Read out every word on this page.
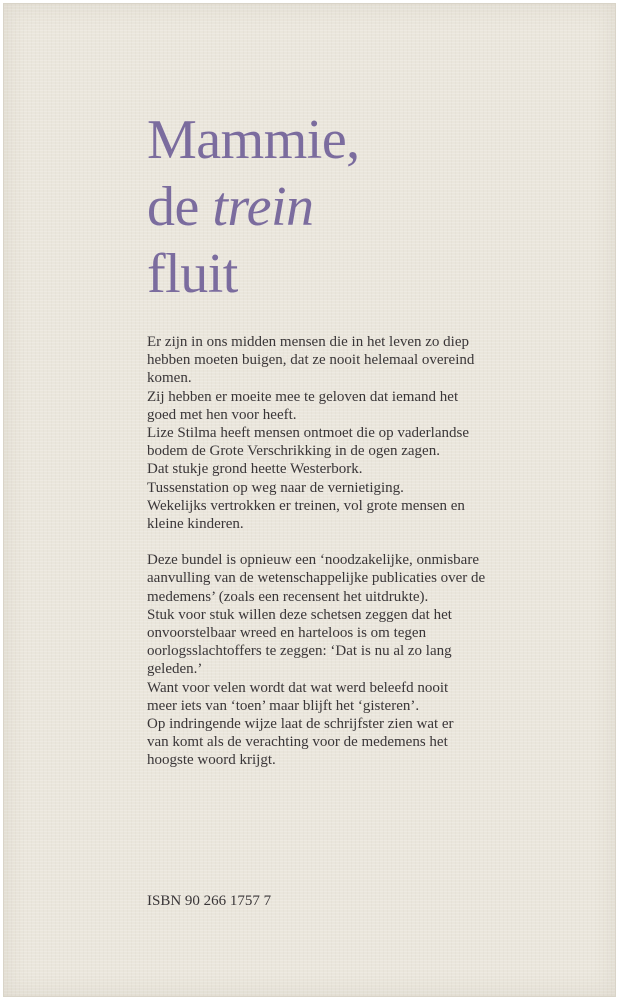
Mammie,
de trein
fluit

Er zijn in ons midden mensen die in het leven zo diep
hebben moeten buigen, dat ze nooit helemaal overeind
komen.

Zij hebben er moeite mee te geloven dat iemand het
goed met hen voor heeft.

Lize Stilma heeft mensen ontmoet die op vaderlandse
bodem de Grote Verschrikking in de ogen zagen.

Dat stukje grond heette Westerbork.
Tussenstation op weg naar de vernietiging.
Wekelijks vertrokken er treinen, vol grote mensen en
kleine kinderen.

Deze bundel is opnieuw een ‘noodzakelijke, onmisbare
aanvulling van de wetenschappelijke publicaties over de
medemens’ (zoals een recensent het uitdrukte).

Stuk voor stuk willen deze schetsen zeggen dat het
onvoorstelbaar wreed en harteloos is om tegen
oorlogsslachtoffers te zeggen: ‘Dat is nu al zo lang
geleden.’

Want voor velen wordt dat wat werd beleefd nooit
meer iets van ‘toen’ maar blijft het ‘gisteren’.

Op indringende wijze laat de schrijfster zien wat er
van komt als de verachting voor de medemens het
hoogste woord krijgt.

ISBN 90 266 1757 7
